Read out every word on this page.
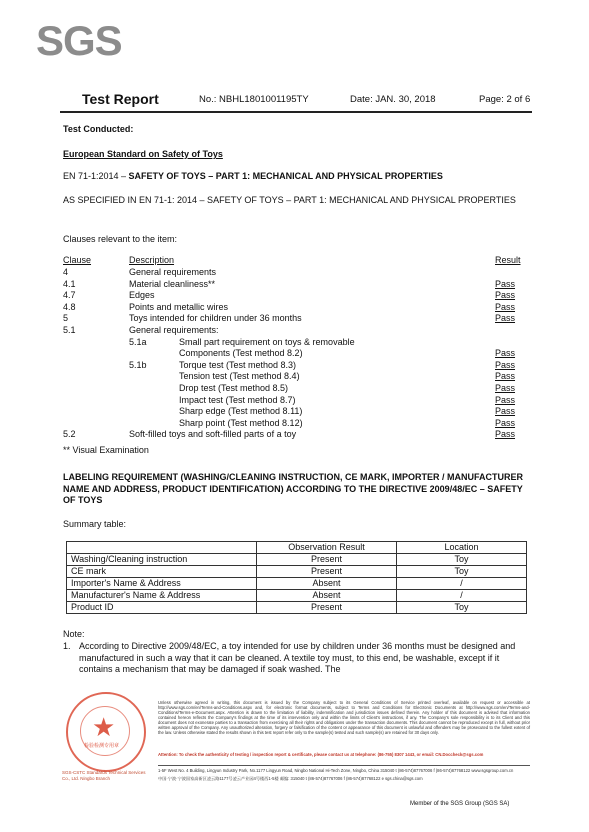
SGS
Test Report	No.: NBHL1801001195TY	Date: JAN. 30, 2018	Page: 2 of 6
Test Conducted:
European Standard on Safety of Toys
EN 71-1:2014 – SAFETY OF TOYS – PART 1: MECHANICAL AND PHYSICAL PROPERTIES
AS SPECIFIED IN EN 71-1: 2014 – SAFETY OF TOYS – PART 1: MECHANICAL AND PHYSICAL PROPERTIES
Clauses relevant to the item:
Clause	Description	Result
4	General requirements
4.1	Material cleanliness**	Pass
4.7	Edges	Pass
4.8	Points and metallic wires	Pass
5	Toys intended for children under 36 months	Pass
5.1	General requirements:
5.1a	Small part requirement on toys & removable
Components (Test method 8.2)	Pass
5.1b	Torque test (Test method 8.3)	Pass
Tension test (Test method 8.4)	Pass
Drop test (Test method 8.5)	Pass
Impact test (Test method 8.7)	Pass
Sharp edge (Test method 8.11)	Pass
Sharp point (Test method 8.12)	Pass
5.2	Soft-filled toys and soft-filled parts of a toy	Pass
** Visual Examination
LABELING REQUIREMENT (WASHING/CLEANING INSTRUCTION, CE MARK, IMPORTER / MANUFACTURER NAME AND ADDRESS, PRODUCT IDENTIFICATION) ACCORDING TO THE DIRECTIVE 2009/48/EC – SAFETY OF TOYS
Summary table:
	Observation Result	Location
Washing/Cleaning instruction	Present	Toy
CE mark	Present	Toy
Importer's Name & Address	Absent	/
Manufacturer's Name & Address	Absent	/
Product ID	Present	Toy
Note:
1. According to Directive 2009/48/EC, a toy intended for use by children under 36 months must be designed and manufactured in such a way that it can be cleaned. A textile toy must, to this end, be washable, except if it contains a mechanism that may be damaged if soak washed. The
★
检验检测专用章
SGS-CSTC Standards Technical Services Co., Ltd. Ningbo Branch
Unless otherwise agreed in writing, this document is issued by the Company subject to its General Conditions of Service printed overleaf, available on request or accessible at http://www.sgs.com/en/Terms-and-Conditions.aspx and, for electronic format documents, subject to Terms and Conditions for Electronic Documents at http://www.sgs.com/en/Terms-and-Conditions/Terms-e-Document.aspx. Attention is drawn to the limitation of liability, indemnification and jurisdiction issues defined therein. Any holder of this document is advised that information contained hereon reflects the Company's findings at the time of its intervention only and within the limits of Client's instructions, if any. The Company's sole responsibility is to its Client and this document does not exonerate parties to a transaction from exercising all their rights and obligations under the transaction documents. This document cannot be reproduced except in full, without prior written approval of the Company. Any unauthorized alteration, forgery or falsification of the content or appearance of this document is unlawful and offenders may be prosecuted to the fullest extent of the law. Unless otherwise stated the results shown in this test report refer only to the sample(s) tested and such sample(s) are retained for 30 days only.
Attention: To check the authenticity of testing / inspection report & certificate, please contact us at telephone: (86-755) 8307 1443, or email: CN.Doccheck@sgs.com
1-5F West No. 4 Building, Lingyun Industry Park, No.1177 Lingyun Road, Ningbo National Hi-Tech Zone, Ningbo, China 315040 t (86-574)87767006 f (86-574)87768122 www.sgsgroup.com.cn
中国·宁波·宁波国家高新区凌云路1177号凌云产业园4号楼西1-5楼 邮编: 315040 t (86-574)87767006 f (86-574)87768122 e sgs.china@sgs.com
Member of the SGS Group (SGS SA)
